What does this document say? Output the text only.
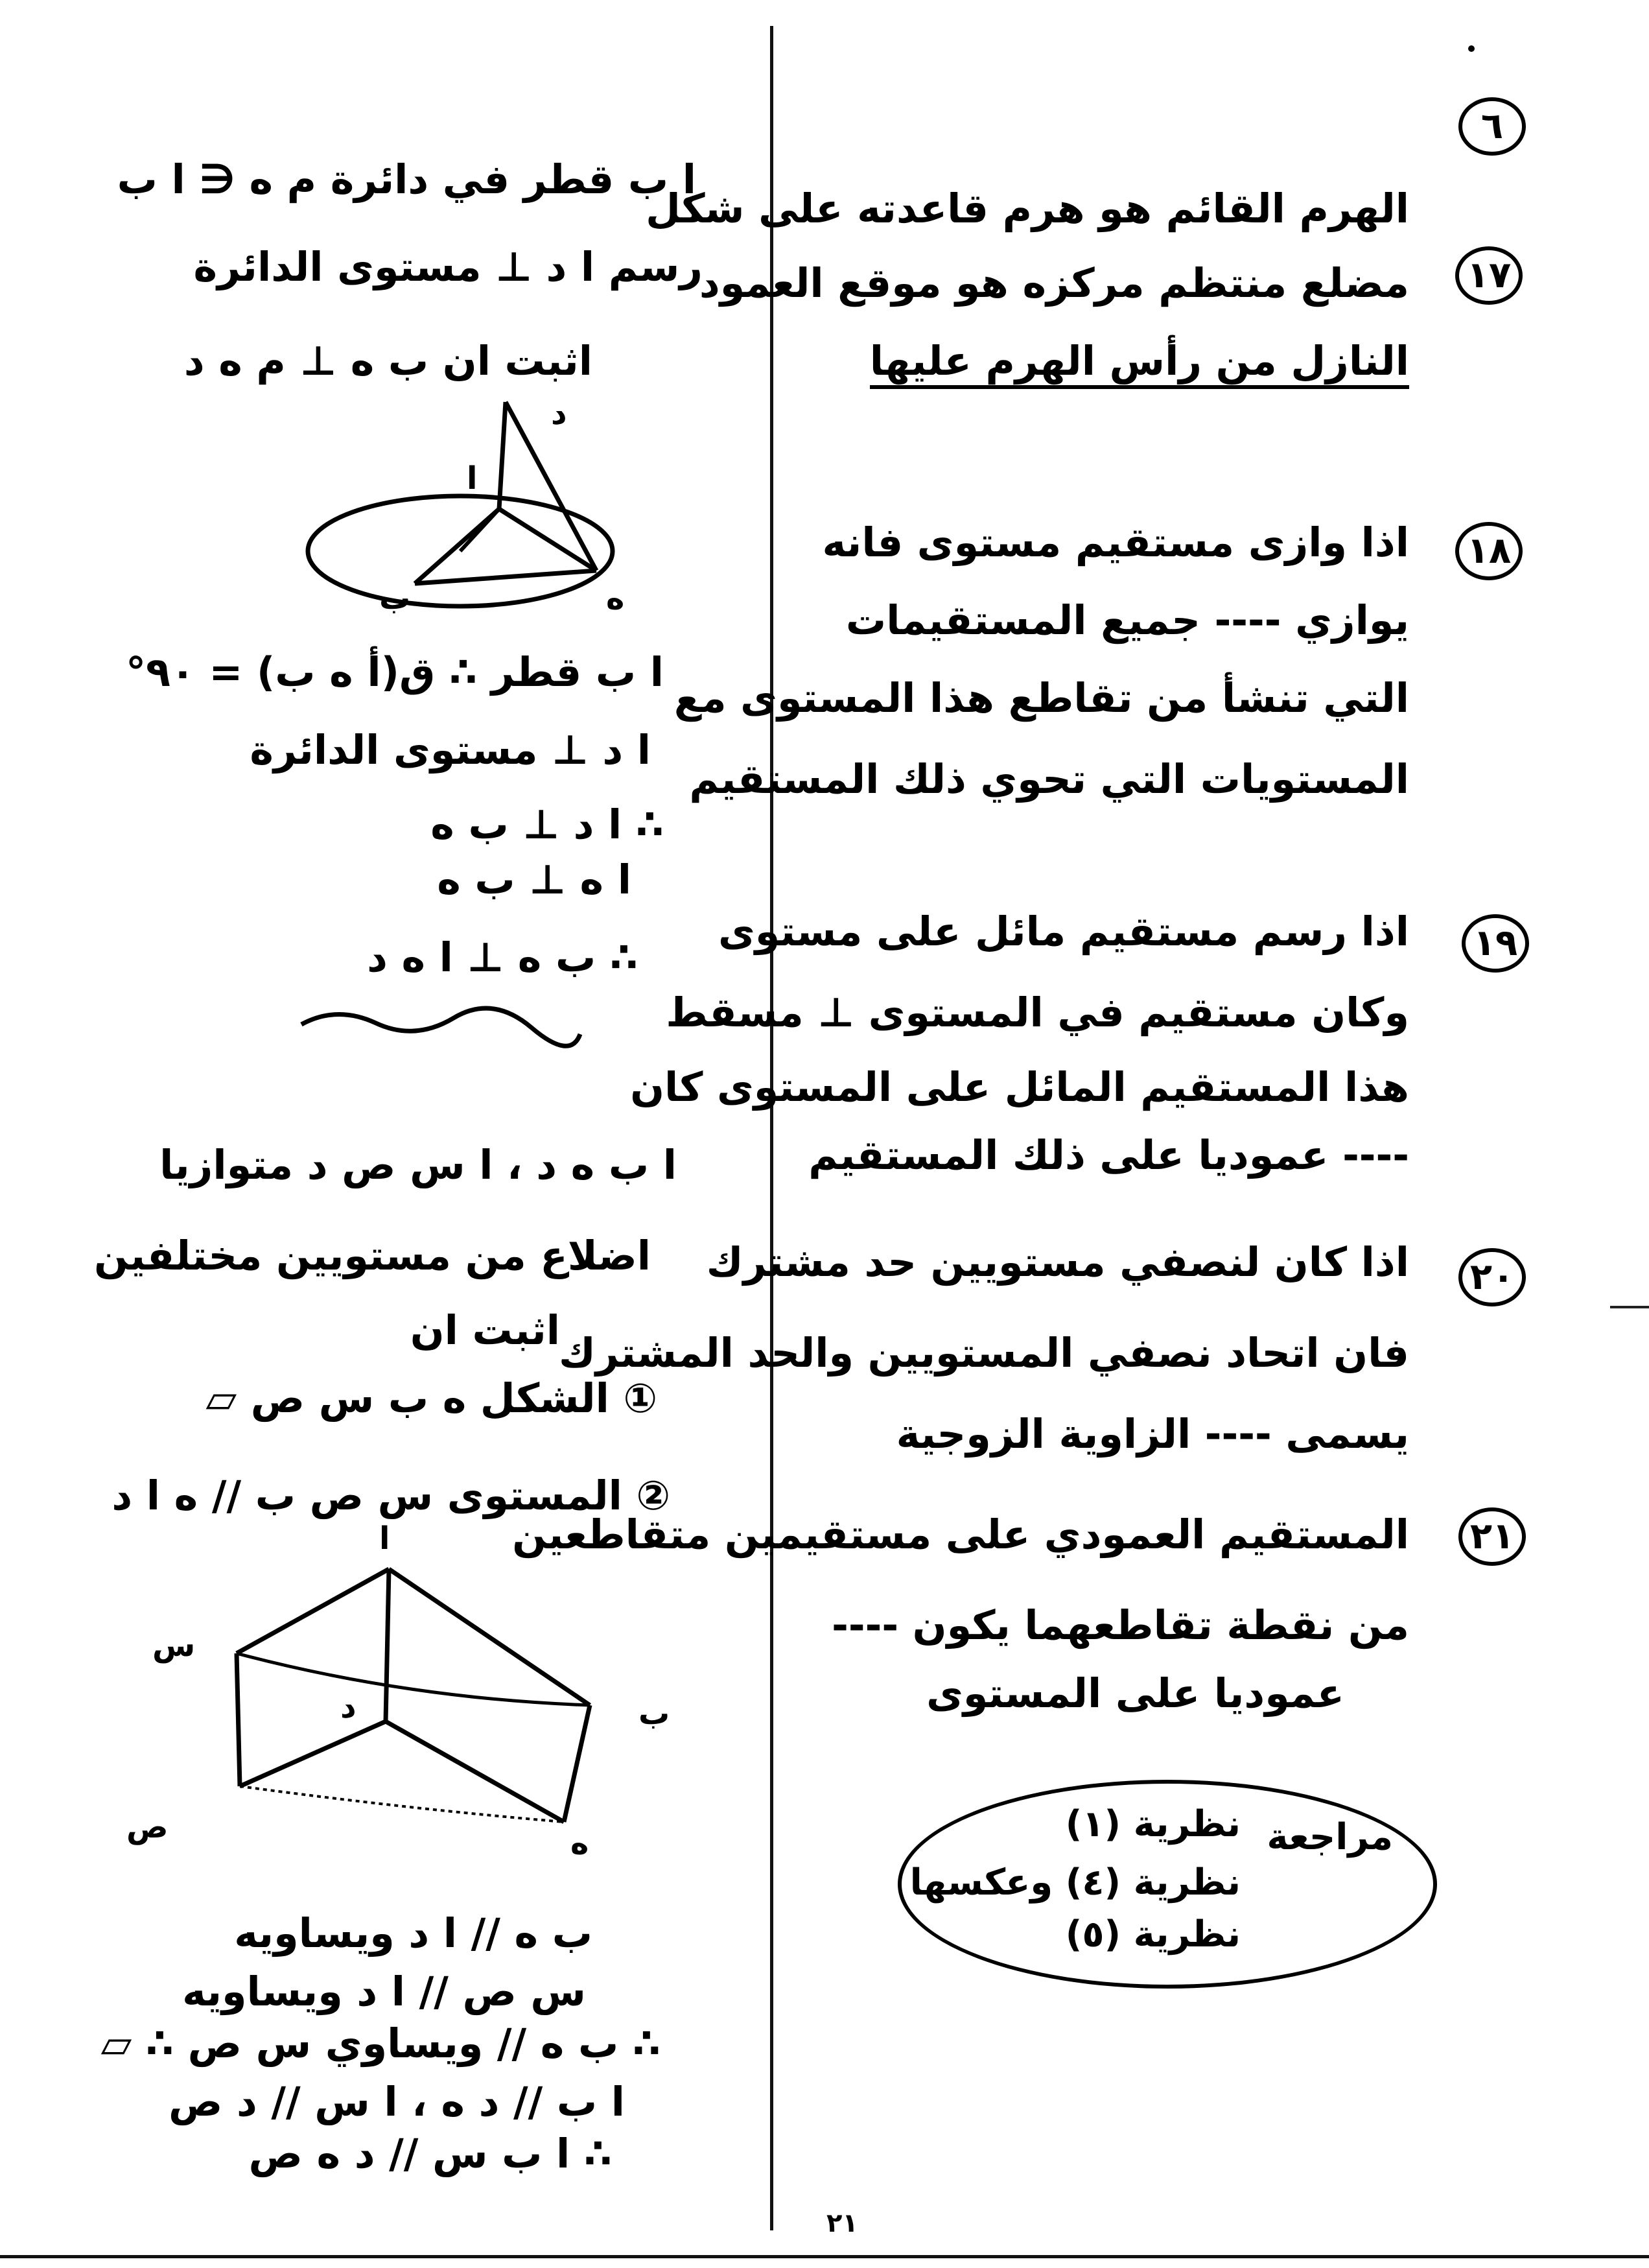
ا ب قطر في دائرة م ه ∈ ا ب
رسم ا د ⊥ مستوى الدائرة
اثبت ان ب ه ⊥ م ه د
د
ا
ب	ه
ا ب قطر ∴ ق(أ ه ب) = ٩٠°
ا د ⊥ مستوى الدائرة
∴ ا د ⊥ ب ه
ا ه ⊥ ب ه
∴ ب ه ⊥ ا ه د
ا ب ه د ، ا س ص د متوازيا
اضلاع من مستويين مختلفين
اثبت ان
① الشكل ه ب س ص ▱
② المستوى س ص ب // ه ا د
ا
س
ب
د
ص	ه
ب ه // ا د ويساويه
س ص // ا د ويساويه
∴ ب ه // ويساوي س ص ∴ ▱
ا ب // د ه ، ا س // د ص
∴ ا ب س // د ه ص
٦
١٧
الهرم القائم هو هرم قاعدته على شكل
مضلع منتظم مركزه هو موقع العمود
النازل من رأس الهرم عليها
١٨
اذا وازى مستقيم مستوى فانه
يوازي ---- جميع المستقيمات
التي تنشأ من تقاطع هذا المستوى مع
المستويات التي تحوي ذلك المستقيم
١٩
اذا رسم مستقيم مائل على مستوى
وكان مستقيم في المستوى ⊥ مسقط
هذا المستقيم المائل على المستوى كان
---- عموديا على ذلك المستقيم
٢٠
اذا كان لنصفي مستويين حد مشترك
فان اتحاد نصفي المستويين والحد المشترك
يسمى ---- الزاوية الزوجية
٢١
المستقيم العمودي على مستقيمين متقاطعين
من نقطة تقاطعهما يكون ----
عموديا على المستوى
مراجعة
نظرية (١)
نظرية (٤) وعكسها
نظرية (٥)
٢١
